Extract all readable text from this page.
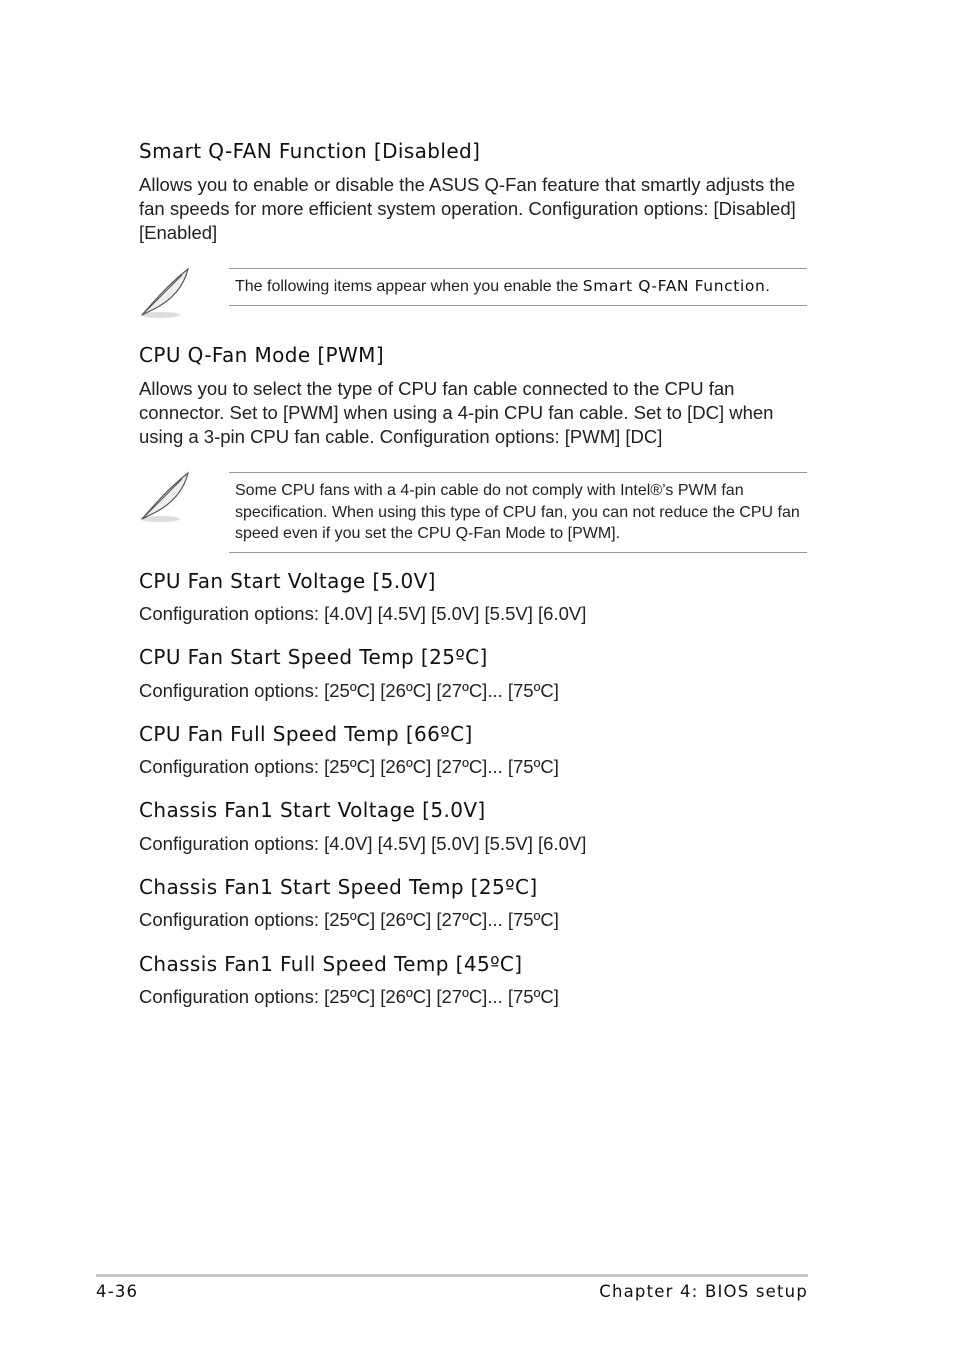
Smart Q-FAN Function [Disabled]
Allows you to enable or disable the ASUS Q-Fan feature that smartly adjusts the fan speeds for more efficient system operation. Configuration options: [Disabled] [Enabled]
The following items appear when you enable the Smart Q-FAN Function.
CPU Q-Fan Mode [PWM]
Allows you to select the type of CPU fan cable connected to the CPU fan connector. Set to [PWM] when using a 4-pin CPU fan cable. Set to [DC] when using a 3-pin CPU fan cable. Configuration options: [PWM] [DC]
Some CPU fans with a 4-pin cable do not comply with Intel®’s PWM fan specification. When using this type of CPU fan, you can not reduce the CPU fan speed even if you set the CPU Q-Fan Mode to [PWM].
CPU Fan Start Voltage [5.0V]
Configuration options: [4.0V] [4.5V] [5.0V] [5.5V] [6.0V]
CPU Fan Start Speed Temp [25ºC]
Configuration options: [25ºC] [26ºC] [27ºC]... [75ºC]
CPU Fan Full Speed Temp [66ºC]
Configuration options: [25ºC] [26ºC] [27ºC]... [75ºC]
Chassis Fan1 Start Voltage [5.0V]
Configuration options: [4.0V] [4.5V] [5.0V] [5.5V] [6.0V]
Chassis Fan1 Start Speed Temp [25ºC]
Configuration options: [25ºC] [26ºC] [27ºC]... [75ºC]
Chassis Fan1 Full Speed Temp [45ºC]
Configuration options: [25ºC] [26ºC] [27ºC]... [75ºC]
4-36	Chapter 4: BIOS setup
